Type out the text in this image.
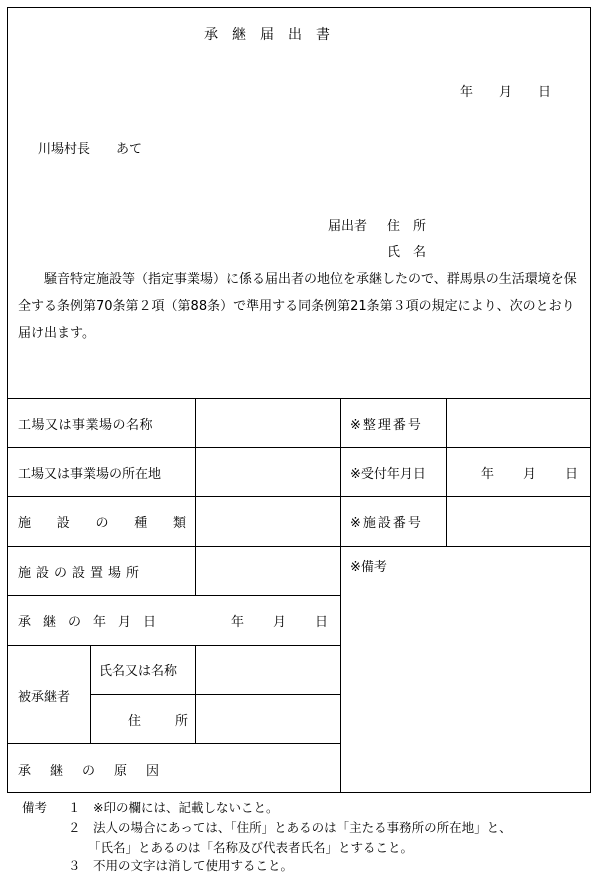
承　継　届　出　書
年　　月　　日
川場村長　　あて
届出者 住　所
氏　名
騒音特定施設等（指定事業場）に係る届出者の地位を承継したので、群馬県の生活環境を保全する条例第70条第２項（第88条）で準用する同条例第21条第３項の規定により、次のとおり届け出ます。
工場又は事業場の名称
工場又は事業場の所在地
施 設 の 種 類
施設の設置場所
承継の年月日	年　　月　　日
被承継者
氏名又は名称
住所
承継の原因
※整理番号
※受付年月日	年　　月　　日
※施設番号
※備考
備考 １　※印の欄には、記載しないこと。
２　法人の場合にあっては、「住所」とあるのは「主たる事務所の所在地」と、
「氏名」とあるのは「名称及び代表者氏名」とすること。
３　不用の文字は消して使用すること。
